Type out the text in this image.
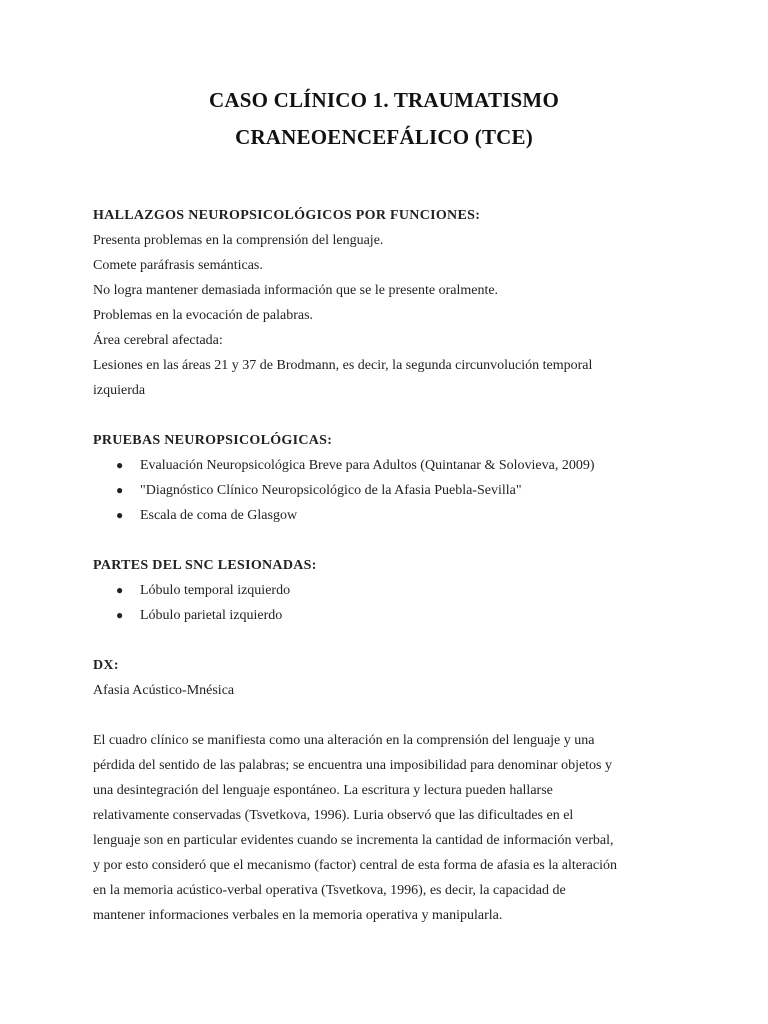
CASO CLÍNICO 1. TRAUMATISMO
CRANEOENCEFÁLICO (TCE)

HALLAZGOS NEUROPSICOLÓGICOS POR FUNCIONES:

Presenta problemas en la comprensión del lenguaje.

Comete paráfrasis semánticas.

No logra mantener demasiada información que se le presente oralmente.

Problemas en la evocación de palabras.

Área cerebral afectada:

Lesiones en las áreas 21 y 37 de Brodmann, es decir, la segunda circunvolución temporal

izquierda

PRUEBAS NEUROPSICOLÓGICAS:

● Evaluación Neuropsicológica Breve para Adultos (Quintanar & Solovieva, 2009)
● "Diagnóstico Clínico Neuropsicológico de la Afasia Puebla-Sevilla"
● Escala de coma de Glasgow

PARTES DEL SNC LESIONADAS:

● Lóbulo temporal izquierdo
● Lóbulo parietal izquierdo

DX:

Afasia Acústico-Mnésica

El cuadro clínico se manifiesta como una alteración en la comprensión del lenguaje y una

pérdida del sentido de las palabras; se encuentra una imposibilidad para denominar objetos y

una desintegración del lenguaje espontáneo. La escritura y lectura pueden hallarse

relativamente conservadas (Tsvetkova, 1996). Luria observó que las dificultades en el

lenguaje son en particular evidentes cuando se incrementa la cantidad de información verbal,

y por esto consideró que el mecanismo (factor) central de esta forma de afasia es la alteración

en la memoria acústico-verbal operativa (Tsvetkova, 1996), es decir, la capacidad de

mantener informaciones verbales en la memoria operativa y manipularla.
